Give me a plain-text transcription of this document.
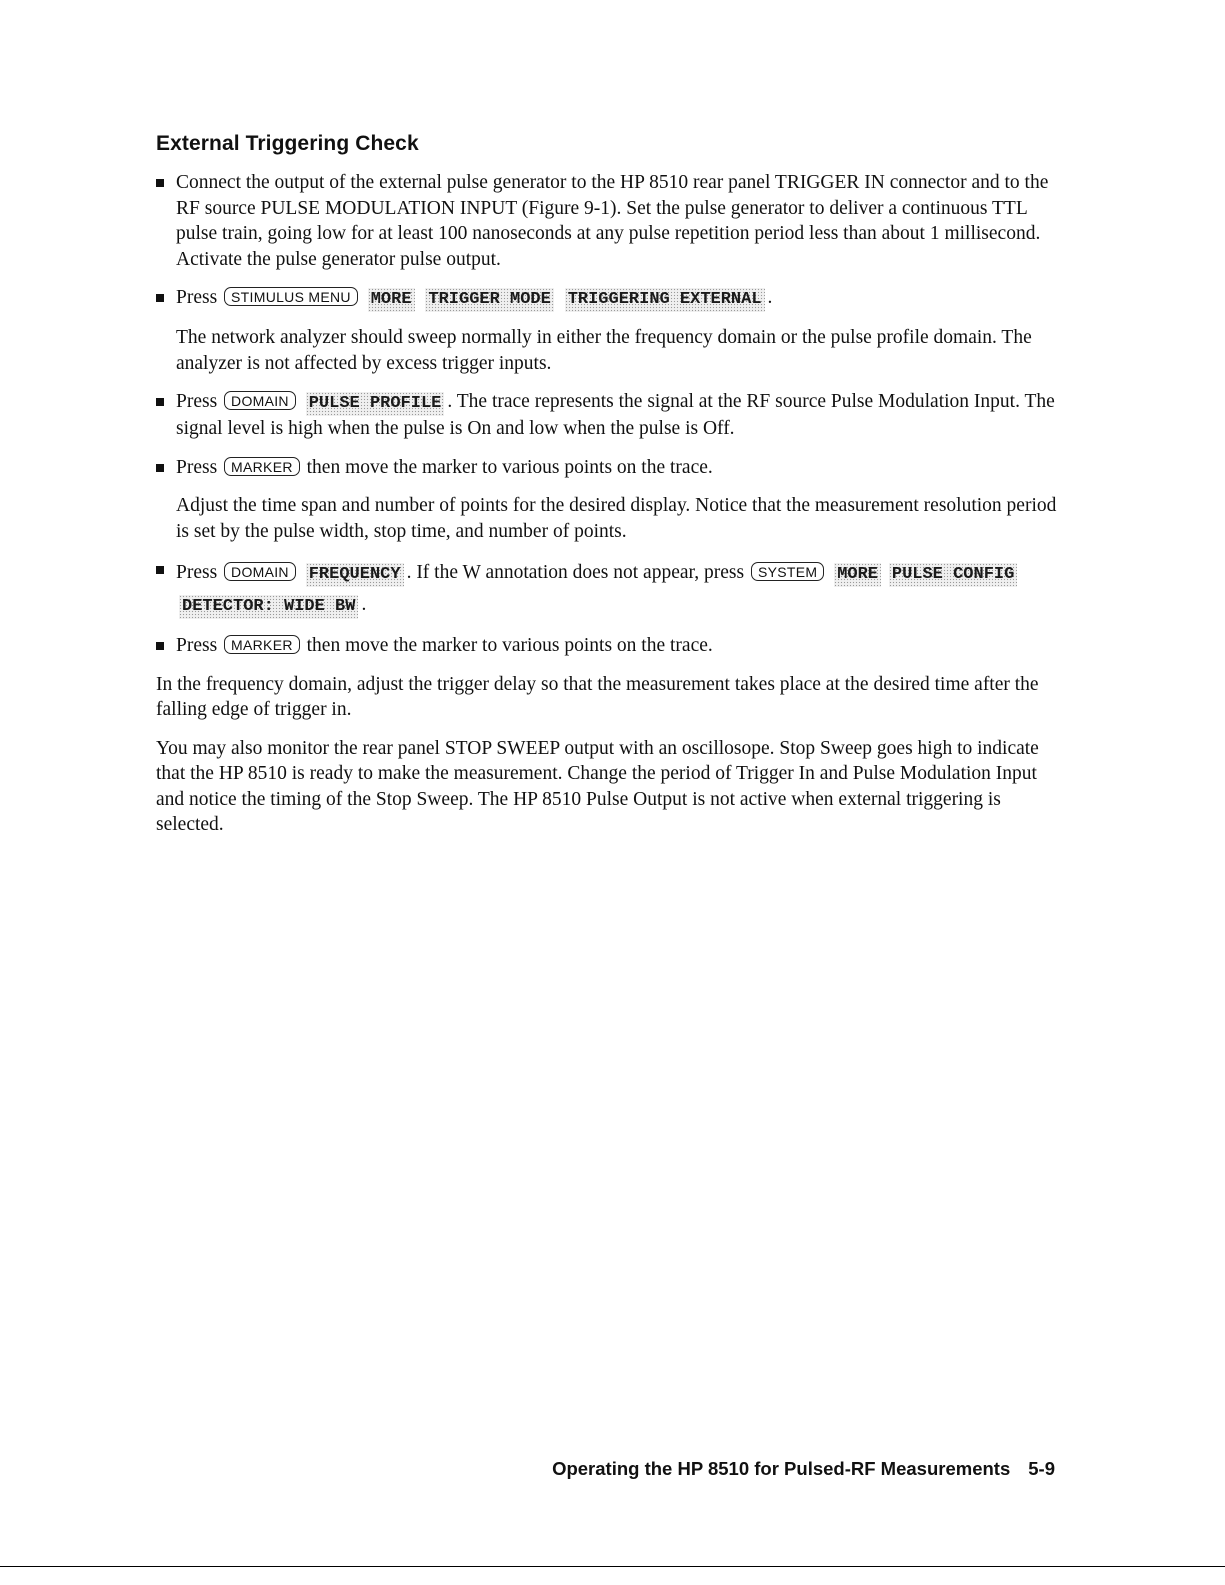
External Triggering Check
Connect the output of the external pulse generator to the HP 8510 rear panel TRIGGER IN connector and to the RF source PULSE MODULATION INPUT (Figure 9-1). Set the pulse generator to deliver a continuous TTL pulse train, going low for at least 100 nanoseconds at any pulse repetition period less than about 1 millisecond. Activate the pulse generator pulse output.
Press STIMULUS MENU MORE TRIGGER MODE TRIGGERING EXTERNAL .
The network analyzer should sweep normally in either the frequency domain or the pulse profile domain. The analyzer is not affected by excess trigger inputs.
Press DOMAIN PULSE PROFILE . The trace represents the signal at the RF source Pulse Modulation Input. The signal level is high when the pulse is On and low when the pulse is Off.
Press MARKER then move the marker to various points on the trace.
Adjust the time span and number of points for the desired display. Notice that the measurement resolution period is set by the pulse width, stop time, and number of points.
Press DOMAIN FREQUENCY . If the W annotation does not appear, press SYSTEM MORE PULSE CONFIG DETECTOR: WIDE BW .
Press MARKER then move the marker to various points on the trace.
In the frequency domain, adjust the trigger delay so that the measurement takes place at the desired time after the falling edge of trigger in.
You may also monitor the rear panel STOP SWEEP output with an oscillosope. Stop Sweep goes high to indicate that the HP 8510 is ready to make the measurement. Change the period of Trigger In and Pulse Modulation Input and notice the timing of the Stop Sweep. The HP 8510 Pulse Output is not active when external triggering is selected.
Operating the HP 8510 for Pulsed-RF Measurements 5-9
